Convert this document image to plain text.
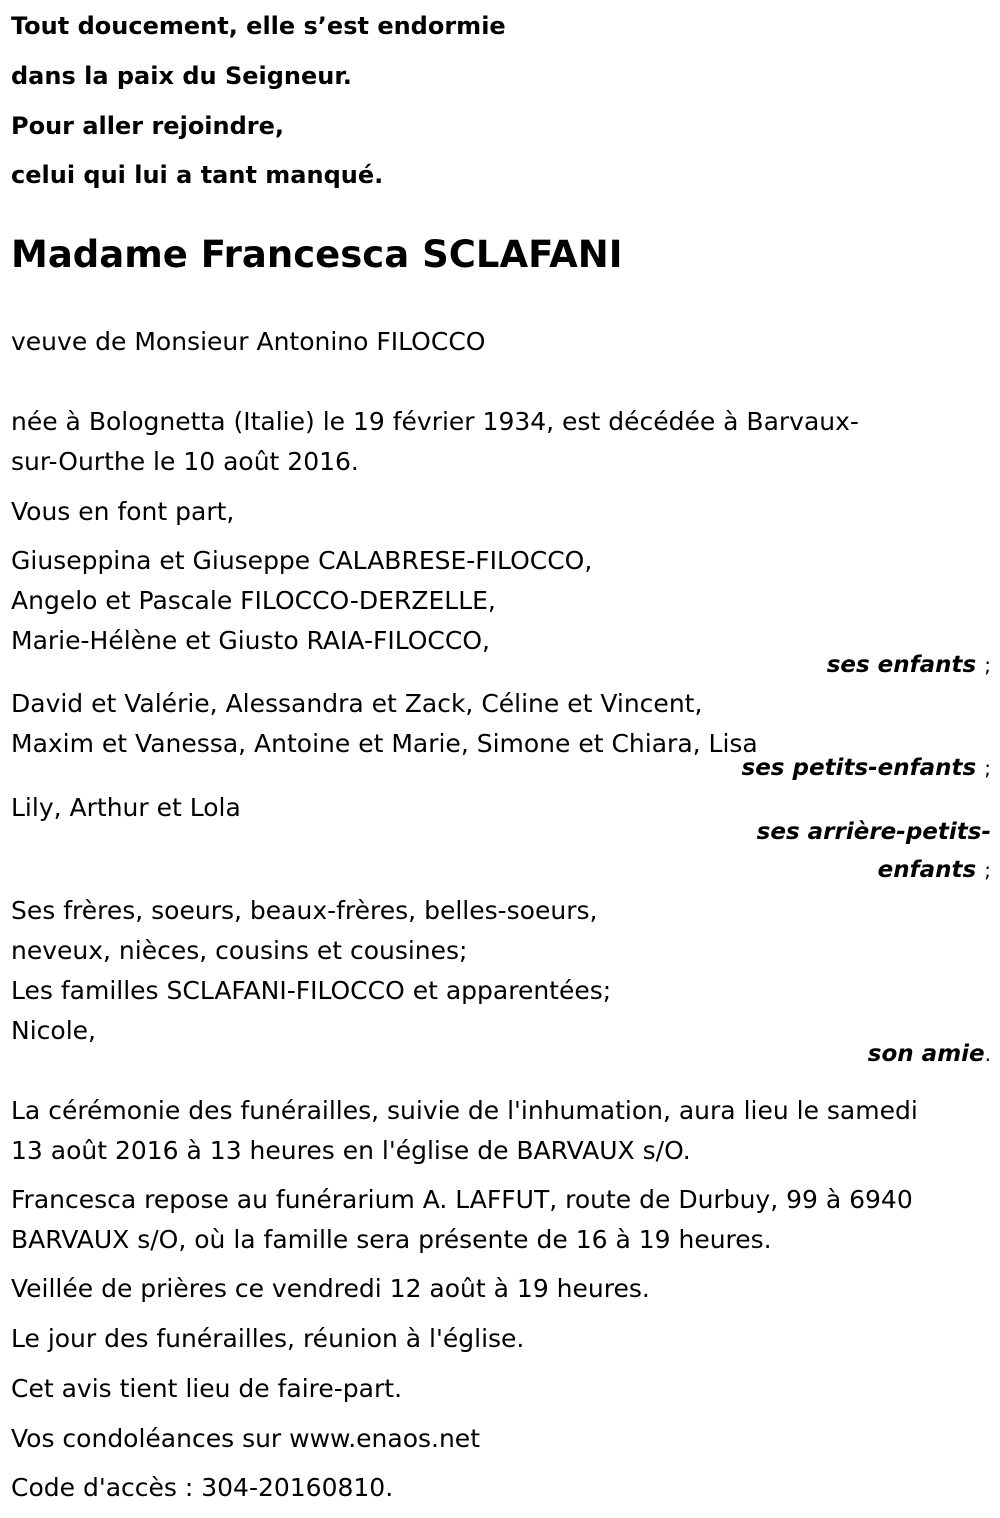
Tout doucement, elle s’est endormie
dans la paix du Seigneur.
Pour aller rejoindre,
celui qui lui a tant manqué.
Madame Francesca SCLAFANI
veuve de Monsieur Antonino FILOCCO
née à Bolognetta (Italie) le 19 février 1934, est décédée à Barvaux-
sur-Ourthe le 10 août 2016.
Vous en font part,
Giuseppina et Giuseppe CALABRESE-FILOCCO,
Angelo et Pascale FILOCCO-DERZELLE,
Marie-Hélène et Giusto RAIA-FILOCCO,
ses enfants ;
David et Valérie, Alessandra et Zack, Céline et Vincent,
Maxim et Vanessa, Antoine et Marie, Simone et Chiara, Lisa
ses petits-enfants ;
Lily, Arthur et Lola
ses arrière-petits-
enfants ;
Ses frères, soeurs, beaux-frères, belles-soeurs,
neveux, nièces, cousins et cousines;
Les familles SCLAFANI-FILOCCO et apparentées;
Nicole,
son amie.
La cérémonie des funérailles, suivie de l'inhumation, aura lieu le samedi
13 août 2016 à 13 heures en l'église de BARVAUX s/O.
Francesca repose au funérarium A. LAFFUT, route de Durbuy, 99 à 6940
BARVAUX s/O, où la famille sera présente de 16 à 19 heures.
Veillée de prières ce vendredi 12 août à 19 heures.
Le jour des funérailles, réunion à l'église.
Cet avis tient lieu de faire-part.
Vos condoléances sur www.enaos.net
Code d'accès : 304-20160810.
